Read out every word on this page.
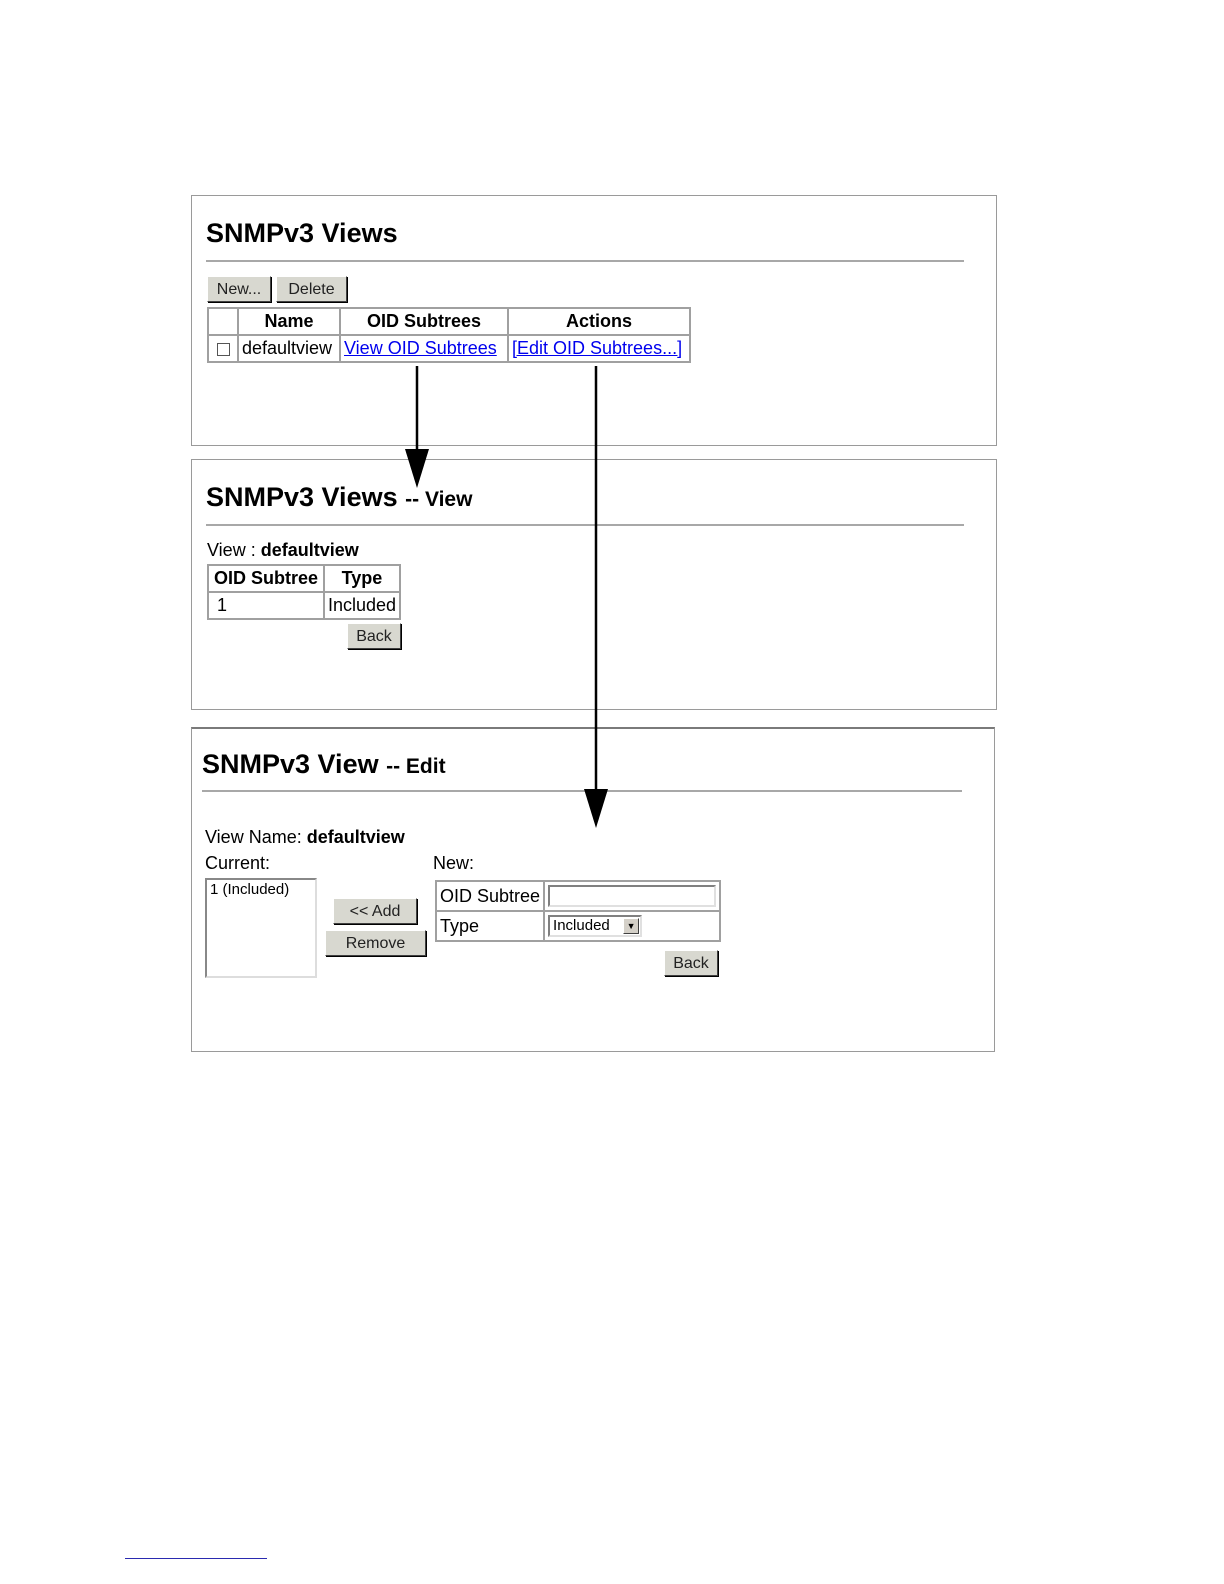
SNMPv3 Views
New...	Delete
	Name	OID Subtrees	Actions
	defaultview	View OID Subtrees	[Edit OID Subtrees...]
SNMPv3 Views -- View
View : defaultview
OID Subtree	Type
1	Included
Back
SNMPv3 View -- Edit
View Name: defaultview
Current:	New:
1 (Included)
<< Add
Remove
OID Subtree	
Type	Included ▼
Back
